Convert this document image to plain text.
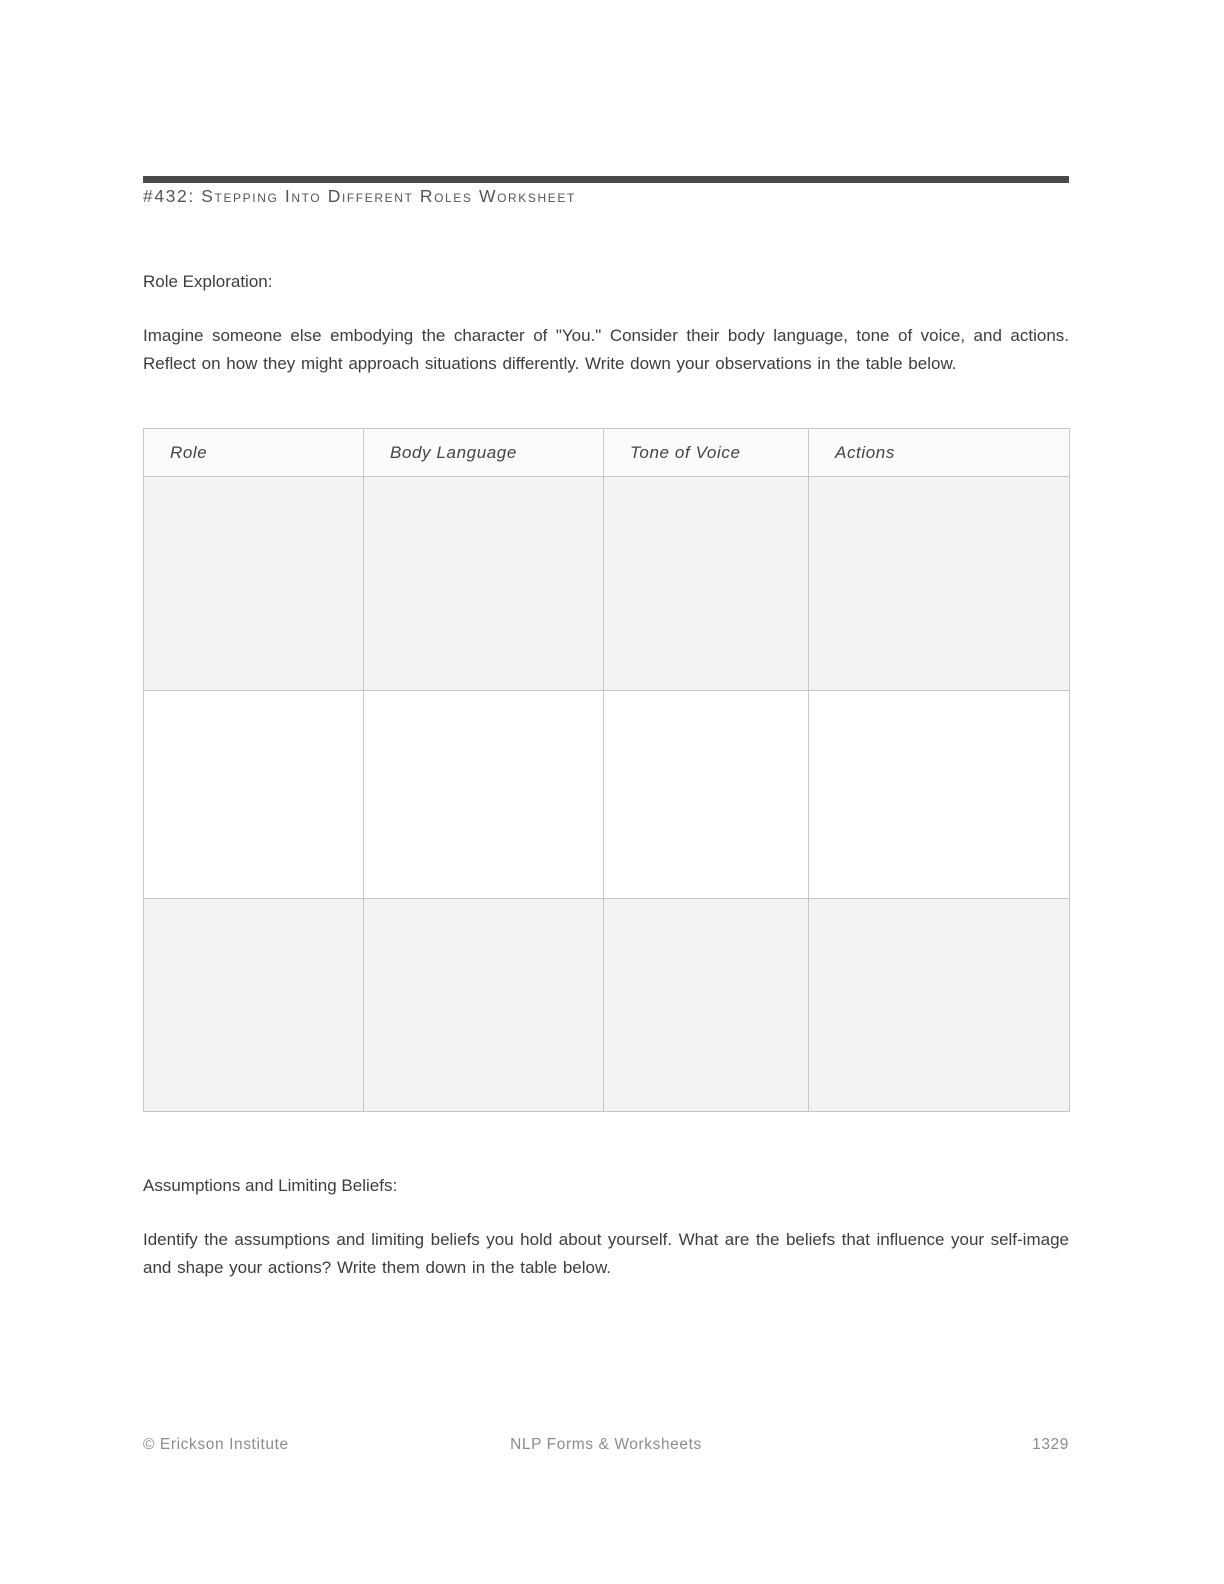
#432: Stepping Into Different Roles Worksheet
Role Exploration:

Imagine someone else embodying the character of "You." Consider their body language, tone of voice, and actions. Reflect on how they might approach situations differently. Write down your observations in the table below.

Role	Body Language	Tone of Voice	Actions

Assumptions and Limiting Beliefs:

Identify the assumptions and limiting beliefs you hold about yourself. What are the beliefs that influence your self-image and shape your actions? Write them down in the table below.

© Erickson Institute	NLP Forms & Worksheets	1329
